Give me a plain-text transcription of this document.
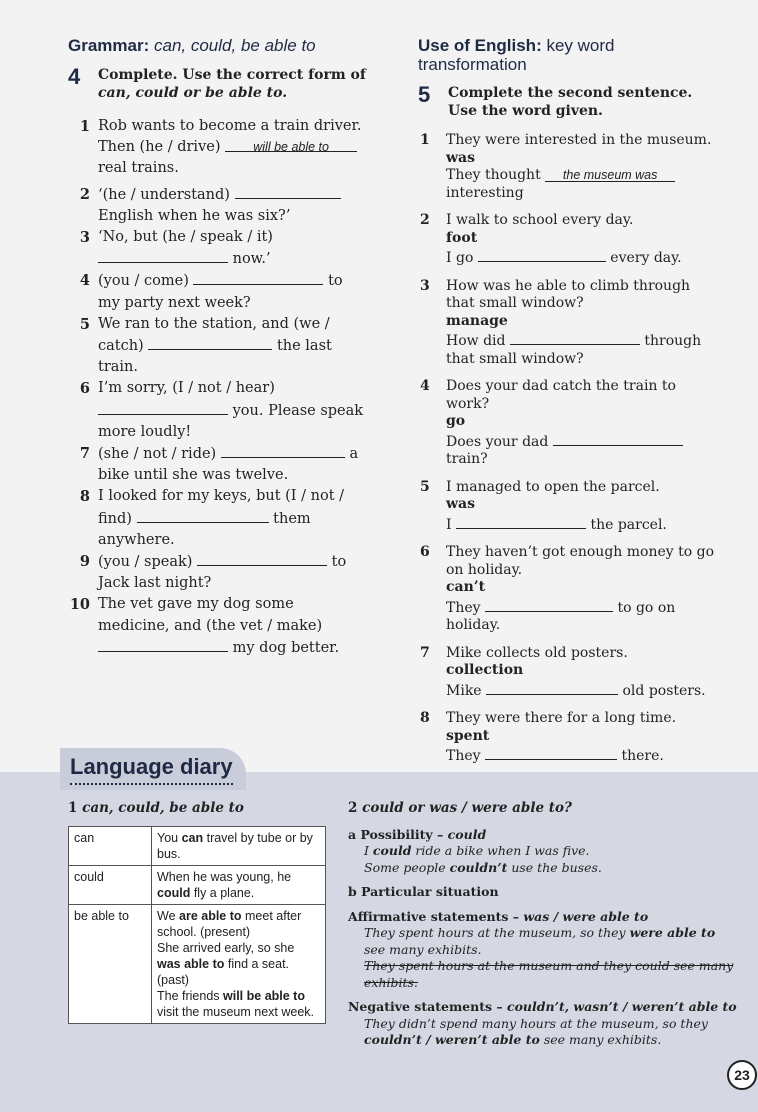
Grammar: can, could, be able to
4	Complete. Use the correct form of
can, could or be able to.
1 Rob wants to become a train driver. Then (he / drive)	will be able to real trains.
2 ‘(he / understand)  English when he was six?’
3 ‘No, but (he / speak / it)  now.’
4 (you / come)	to my party next week?
5 We ran to the station, and (we / catch)	the last train.
6 I’m sorry, (I / not / hear)  you. Please speak more loudly!
7 (she / not / ride)	a bike until she was twelve.
8 I looked for my keys, but (I / not / find)	them anywhere.
9 (you / speak)	to Jack last night?
10 The vet gave my dog some medicine, and (the vet / make)  my dog better.
Use of English: key word transformation
5	Complete the second sentence.
Use the word given.
1	They were interested in the museum.
was
They thought the museum was
interesting
2	I walk to school every day.
foot
I go	every day.
3	How was he able to climb through that small window?
manage
How did	through that small window?
4	Does your dad catch the train to work?
go
Does your dad
train?
5	I managed to open the parcel.
was
I	the parcel.
6	They haven’t got enough money to go on holiday.
can’t
They	to go on holiday.
7	Mike collects old posters.
collection
Mike	old posters.
8	They were there for a long time.
spent
They	there.
Language diary
1 can, could, be able to
can	You can travel by tube or by bus.
could	When he was young, he could fly a plane.
be able to	We are able to meet after school. (present)
She arrived early, so she was able to find a seat. (past)
The friends will be able to visit the museum next week.
2 could or was / were able to?
a Possibility – could
I could ride a bike when I was five.
Some people couldn’t use the buses.
b Particular situation
Affirmative statements – was / were able to
They spent hours at the museum, so they were able to see many exhibits.
They spent hours at the museum and they could see many exhibits.
Negative statements – couldn’t, wasn’t / weren’t able to
They didn’t spend many hours at the museum, so they
couldn’t / weren’t able to see many exhibits.
23
